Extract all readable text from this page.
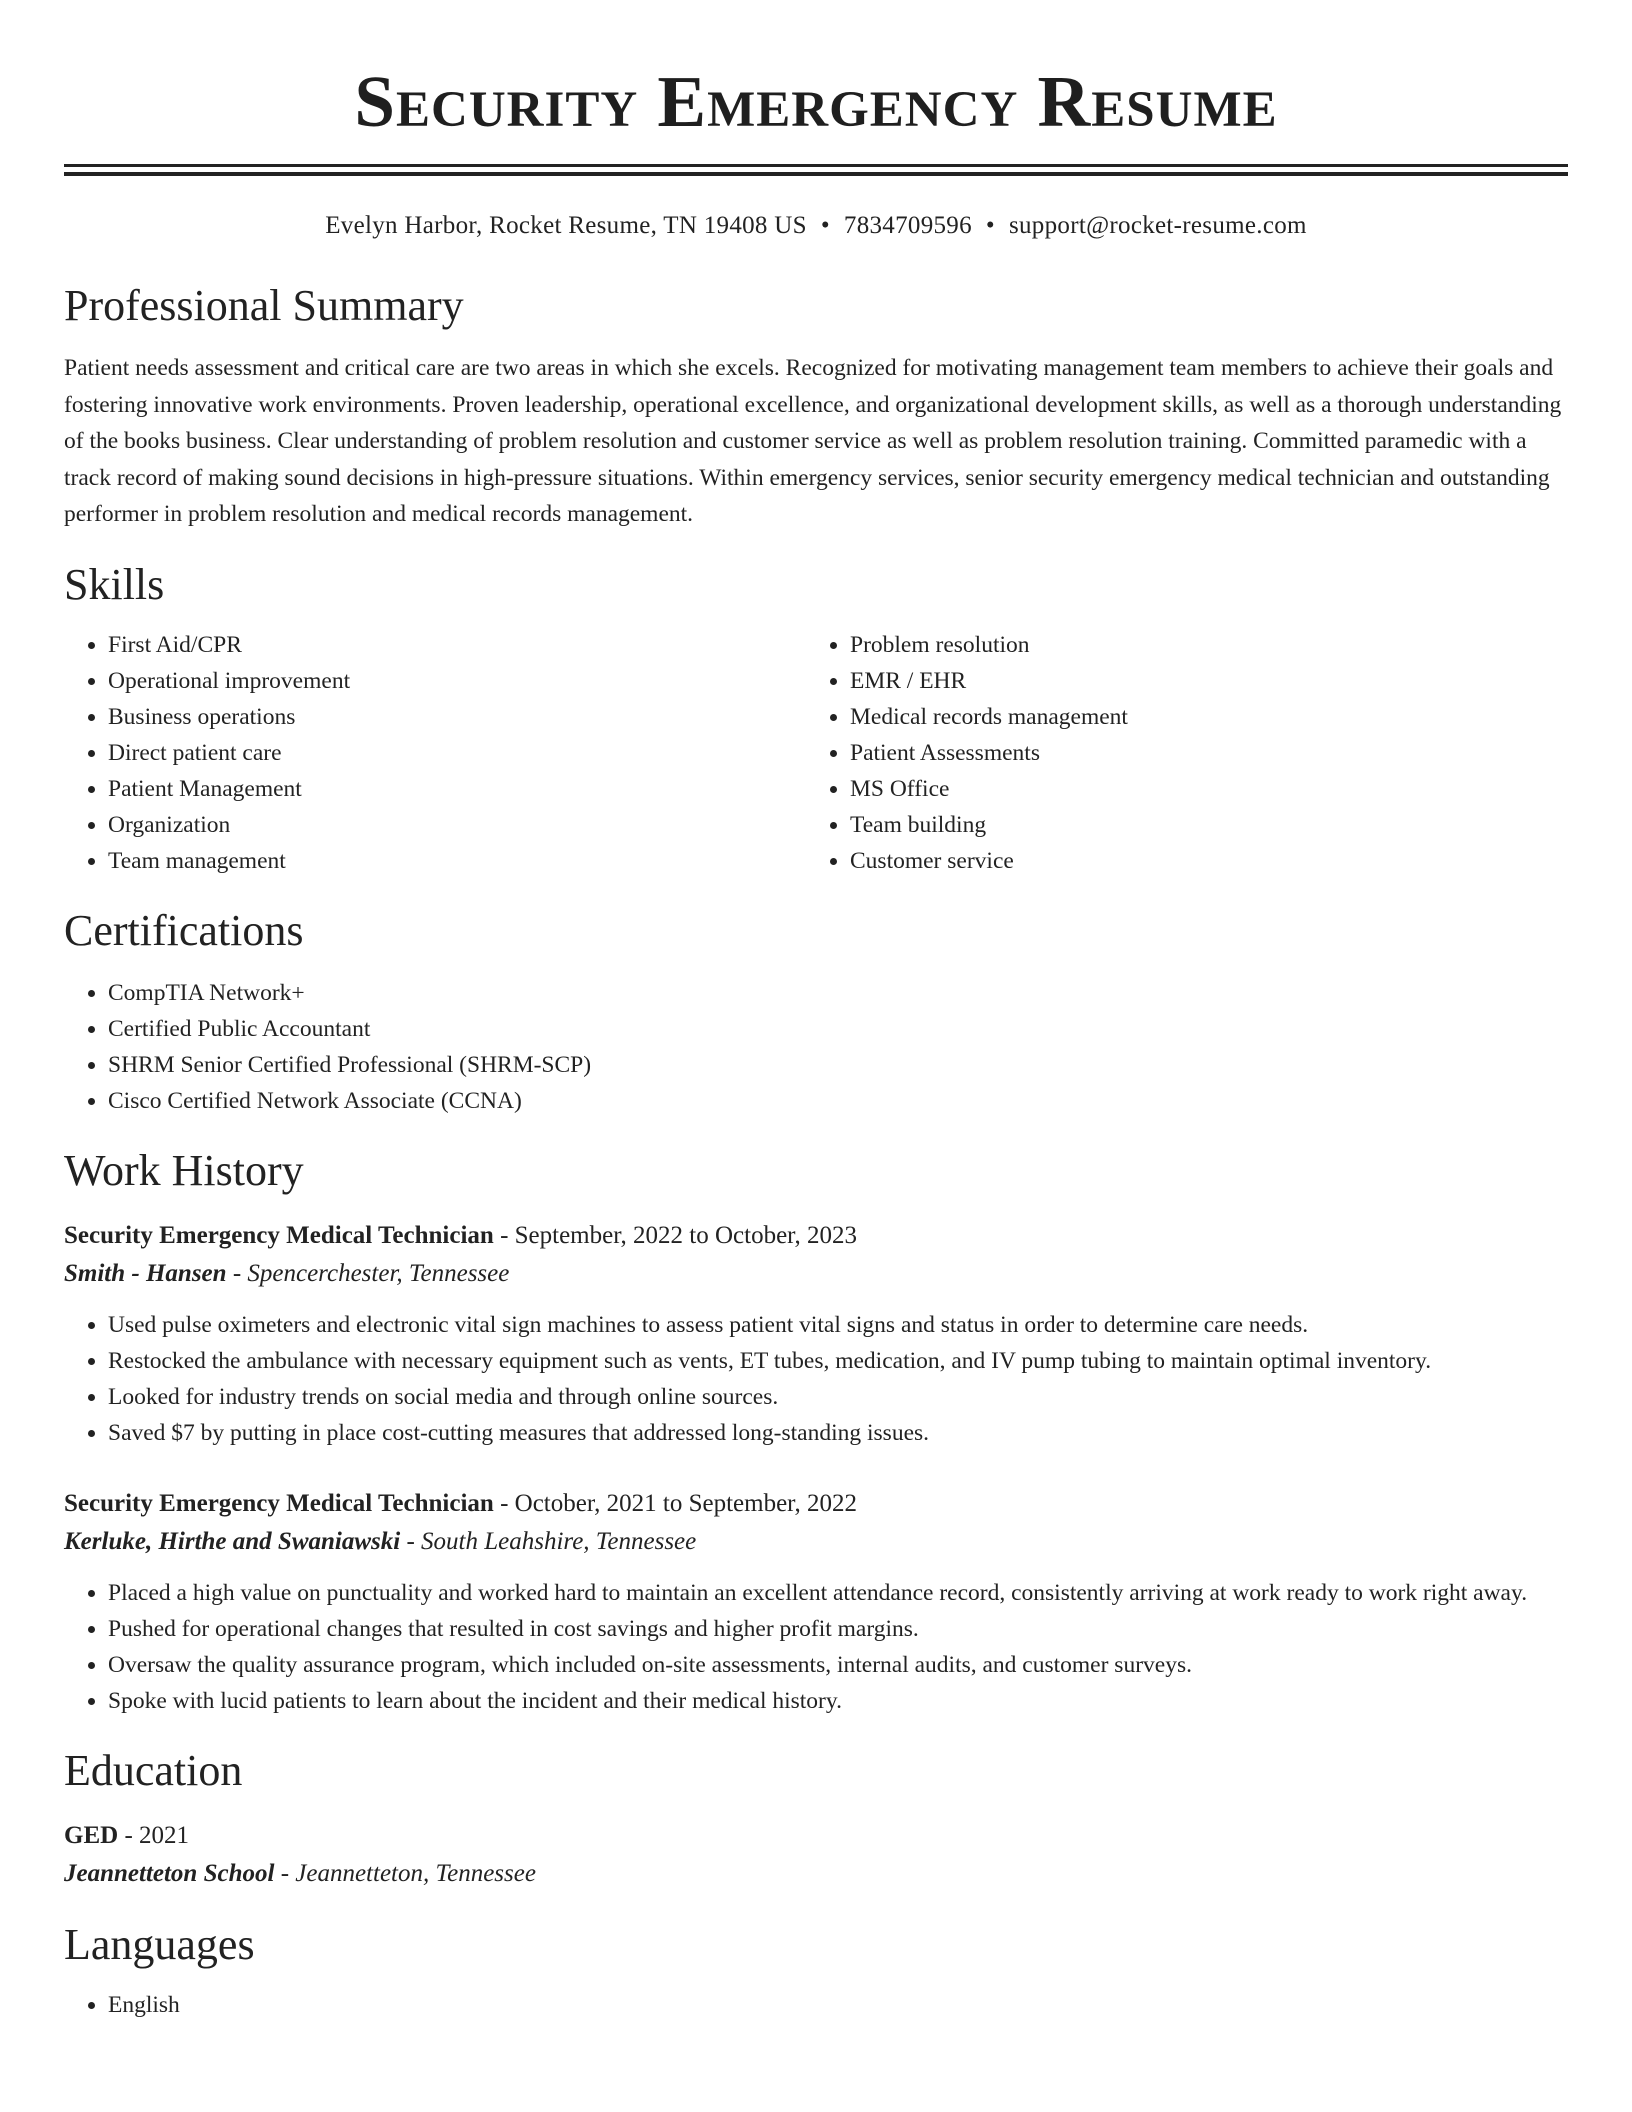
Security Emergency Resume
Evelyn Harbor, Rocket Resume, TN 19408 US • 7834709596 • support@rocket-resume.com
Professional Summary

Patient needs assessment and critical care are two areas in which she excels. Recognized for motivating management team members to achieve their goals and fostering innovative work environments. Proven leadership, operational excellence, and organizational development skills, as well as a thorough understanding of the books business. Clear understanding of problem resolution and customer service as well as problem resolution training. Committed paramedic with a track record of making sound decisions in high-pressure situations. Within emergency services, senior security emergency medical technician and outstanding performer in problem resolution and medical records management.

Skills
• First Aid/CPR
• Operational improvement
• Business operations
• Direct patient care
• Patient Management
• Organization
• Team management
• Problem resolution
• EMR / EHR
• Medical records management
• Patient Assessments
• MS Office
• Team building
• Customer service
Certifications
• CompTIA Network+
• Certified Public Accountant
• SHRM Senior Certified Professional (SHRM-SCP)
• Cisco Certified Network Associate (CCNA)
Work History
Security Emergency Medical Technician - September, 2022 to October, 2023
Smith - Hansen - Spencerchester, Tennessee
• Used pulse oximeters and electronic vital sign machines to assess patient vital signs and status in order to determine care needs.
• Restocked the ambulance with necessary equipment such as vents, ET tubes, medication, and IV pump tubing to maintain optimal inventory.
• Looked for industry trends on social media and through online sources.
• Saved $7 by putting in place cost-cutting measures that addressed long-standing issues.
Security Emergency Medical Technician - October, 2021 to September, 2022
Kerluke, Hirthe and Swaniawski - South Leahshire, Tennessee
• Placed a high value on punctuality and worked hard to maintain an excellent attendance record, consistently arriving at work ready to work right away.
• Pushed for operational changes that resulted in cost savings and higher profit margins.
• Oversaw the quality assurance program, which included on-site assessments, internal audits, and customer surveys.
• Spoke with lucid patients to learn about the incident and their medical history.
Education
GED - 2021
Jeannetteton School - Jeannetteton, Tennessee
Languages
• English
